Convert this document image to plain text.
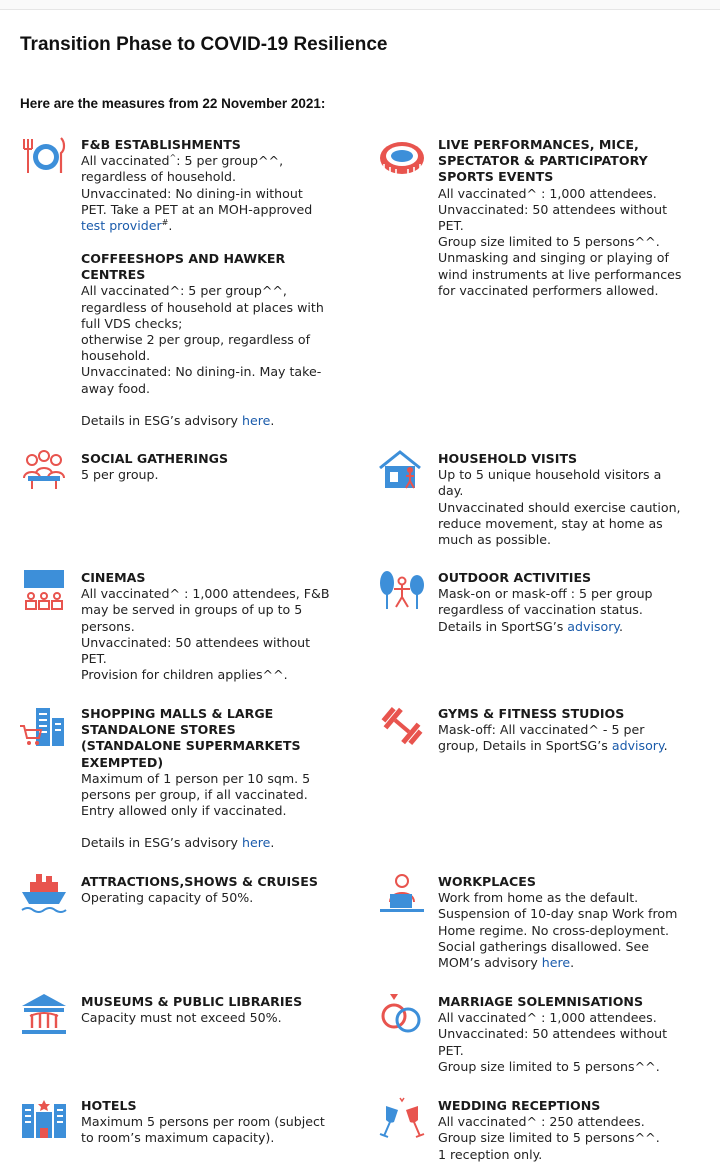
Transition Phase to COVID-19 Resilience
Here are the measures from 22 November 2021:
F&B ESTABLISHMENTS
All vaccinated^: 5 per group^^,
regardless of household.
Unvaccinated: No dining-in without
PET. Take a PET at an MOH-approved
test provider#.
COFFEESHOPS AND HAWKER
CENTRES
All vaccinated^: 5 per group^^,
regardless of household at places with
full VDS checks;
otherwise 2 per group, regardless of
household.
Unvaccinated: No dining-in. May take-
away food.
Details in ESG’s advisory here.
LIVE PERFORMANCES, MICE,
SPECTATOR & PARTICIPATORY
SPORTS EVENTS
All vaccinated^ : 1,000 attendees.
Unvaccinated: 50 attendees without
PET.
Group size limited to 5 persons^^.
Unmasking and singing or playing of
wind instruments at live performances
for vaccinated performers allowed.
SOCIAL GATHERINGS
5 per group.
HOUSEHOLD VISITS
Up to 5 unique household visitors a
day.
Unvaccinated should exercise caution,
reduce movement, stay at home as
much as possible.
CINEMAS
All vaccinated^ : 1,000 attendees, F&B
may be served in groups of up to 5
persons.
Unvaccinated: 50 attendees without
PET.
Provision for children applies^^.
OUTDOOR ACTIVITIES
Mask-on or mask-off : 5 per group
regardless of vaccination status.
Details in SportSG’s advisory.
SHOPPING MALLS & LARGE
STANDALONE STORES
(STANDALONE SUPERMARKETS
EXEMPTED)
Maximum of 1 person per 10 sqm. 5
persons per group, if all vaccinated.
Entry allowed only if vaccinated.
Details in ESG’s advisory here.
GYMS & FITNESS STUDIOS
Mask-off: All vaccinated^ - 5 per
group, Details in SportSG’s advisory.
ATTRACTIONS,SHOWS & CRUISES
Operating capacity of 50%.
WORKPLACES
Work from home as the default.
Suspension of 10-day snap Work from
Home regime. No cross-deployment.
Social gatherings disallowed. See
MOM’s advisory here.
MUSEUMS & PUBLIC LIBRARIES
Capacity must not exceed 50%.
MARRIAGE SOLEMNISATIONS
All vaccinated^ : 1,000 attendees.
Unvaccinated: 50 attendees without
PET.
Group size limited to 5 persons^^.
HOTELS
Maximum 5 persons per room (subject
to room’s maximum capacity).
WEDDING RECEPTIONS
All vaccinated^ : 250 attendees.
Group size limited to 5 persons^^.
1 reception only.
